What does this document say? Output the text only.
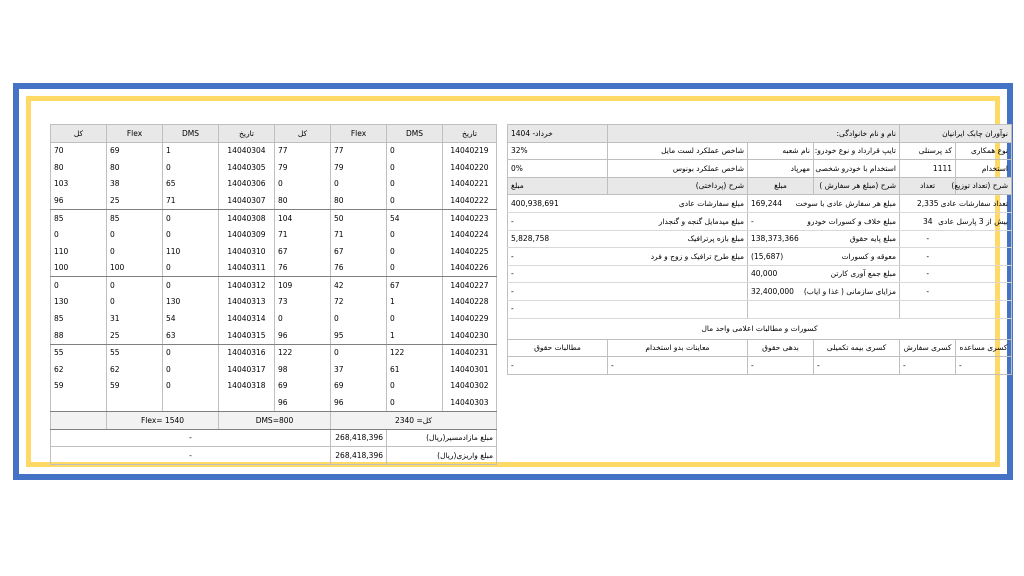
کل	Flex	DMS	تاریخ	کل	Flex	DMS	تاریخ
70	69	1	14040304	77	77	0	14040219
80	80	0	14040305	79	79	0	14040220
103	38	65	14040306	0	0	0	14040221
96	25	71	14040307	80	80	0	14040222
85	85	0	14040308	104	50	54	14040223
0	0	0	14040309	71	71	0	14040224
110	0	110	14040310	67	67	0	14040225
100	100	0	14040311	76	76	0	14040226
0	0	0	14040312	109	42	67	14040227
130	0	130	14040313	73	72	1	14040228
85	31	54	14040314	0	0	0	14040229
88	25	63	14040315	96	95	1	14040230
55	55	0	14040316	122	0	122	14040231
62	62	0	14040317	98	37	61	14040301
59	59	0	14040318	69	69	0	14040302
				96	96	0	14040303
	Flex= 1540		DMS=800		کل= 2340		
-					268,418,396	مبلغ مازادمسیر(ریال)	
-					268,418,396	مبلغ واریزی(ریال)	
نوآوران چابک ایرانیان		نام و نام خانوادگی:			خرداد- 1404
نوع همکاری	کد پرسنلی	تایپ قرارداد و نوع خودرو:	نام شعبه	شاخص عملکرد لست مایل	32%
استخدام	1111	استخدام با خودرو شخصی	مهرپاد	شاخص عملکرد بونوس	0%
شرح (تعداد توزیع)	تعداد	شرح (مبلغ هر سفارش )	مبلغ	شرح (پرداختی)	مبلغ
تعداد سفارشات عادی	2,335	مبلغ هر سفارش عادی با سوخت	169,244	مبلغ سفارشات عادی	400,938,691
بیش از 3 پارسل عادی	34	مبلغ خلاف و کسورات خودرو	-	مبلغ میدمایل گنجه و گنجدار	-
	-	مبلغ پایه حقوق	138,373,366	مبلغ بازه پرترافیک	5,828,758
	-	معوقه و کسورات	(15,687)	مبلغ طرح ترافیک و زوج و فرد	-
	-	مبلغ جمع آوری کارتن	40,000		-
	-	مزایای سازمانی ( غذا و ایاب)	32,400,000		-
					-
کسورات و مطالبات اعلامی واحد مال					
کسری مساعده	کسری سفارش	کسری بیمه تکمیلی	بدهی حقوق	معاینات بدو استخدام	مطالبات حقوق
-	-	-	-	-	-
